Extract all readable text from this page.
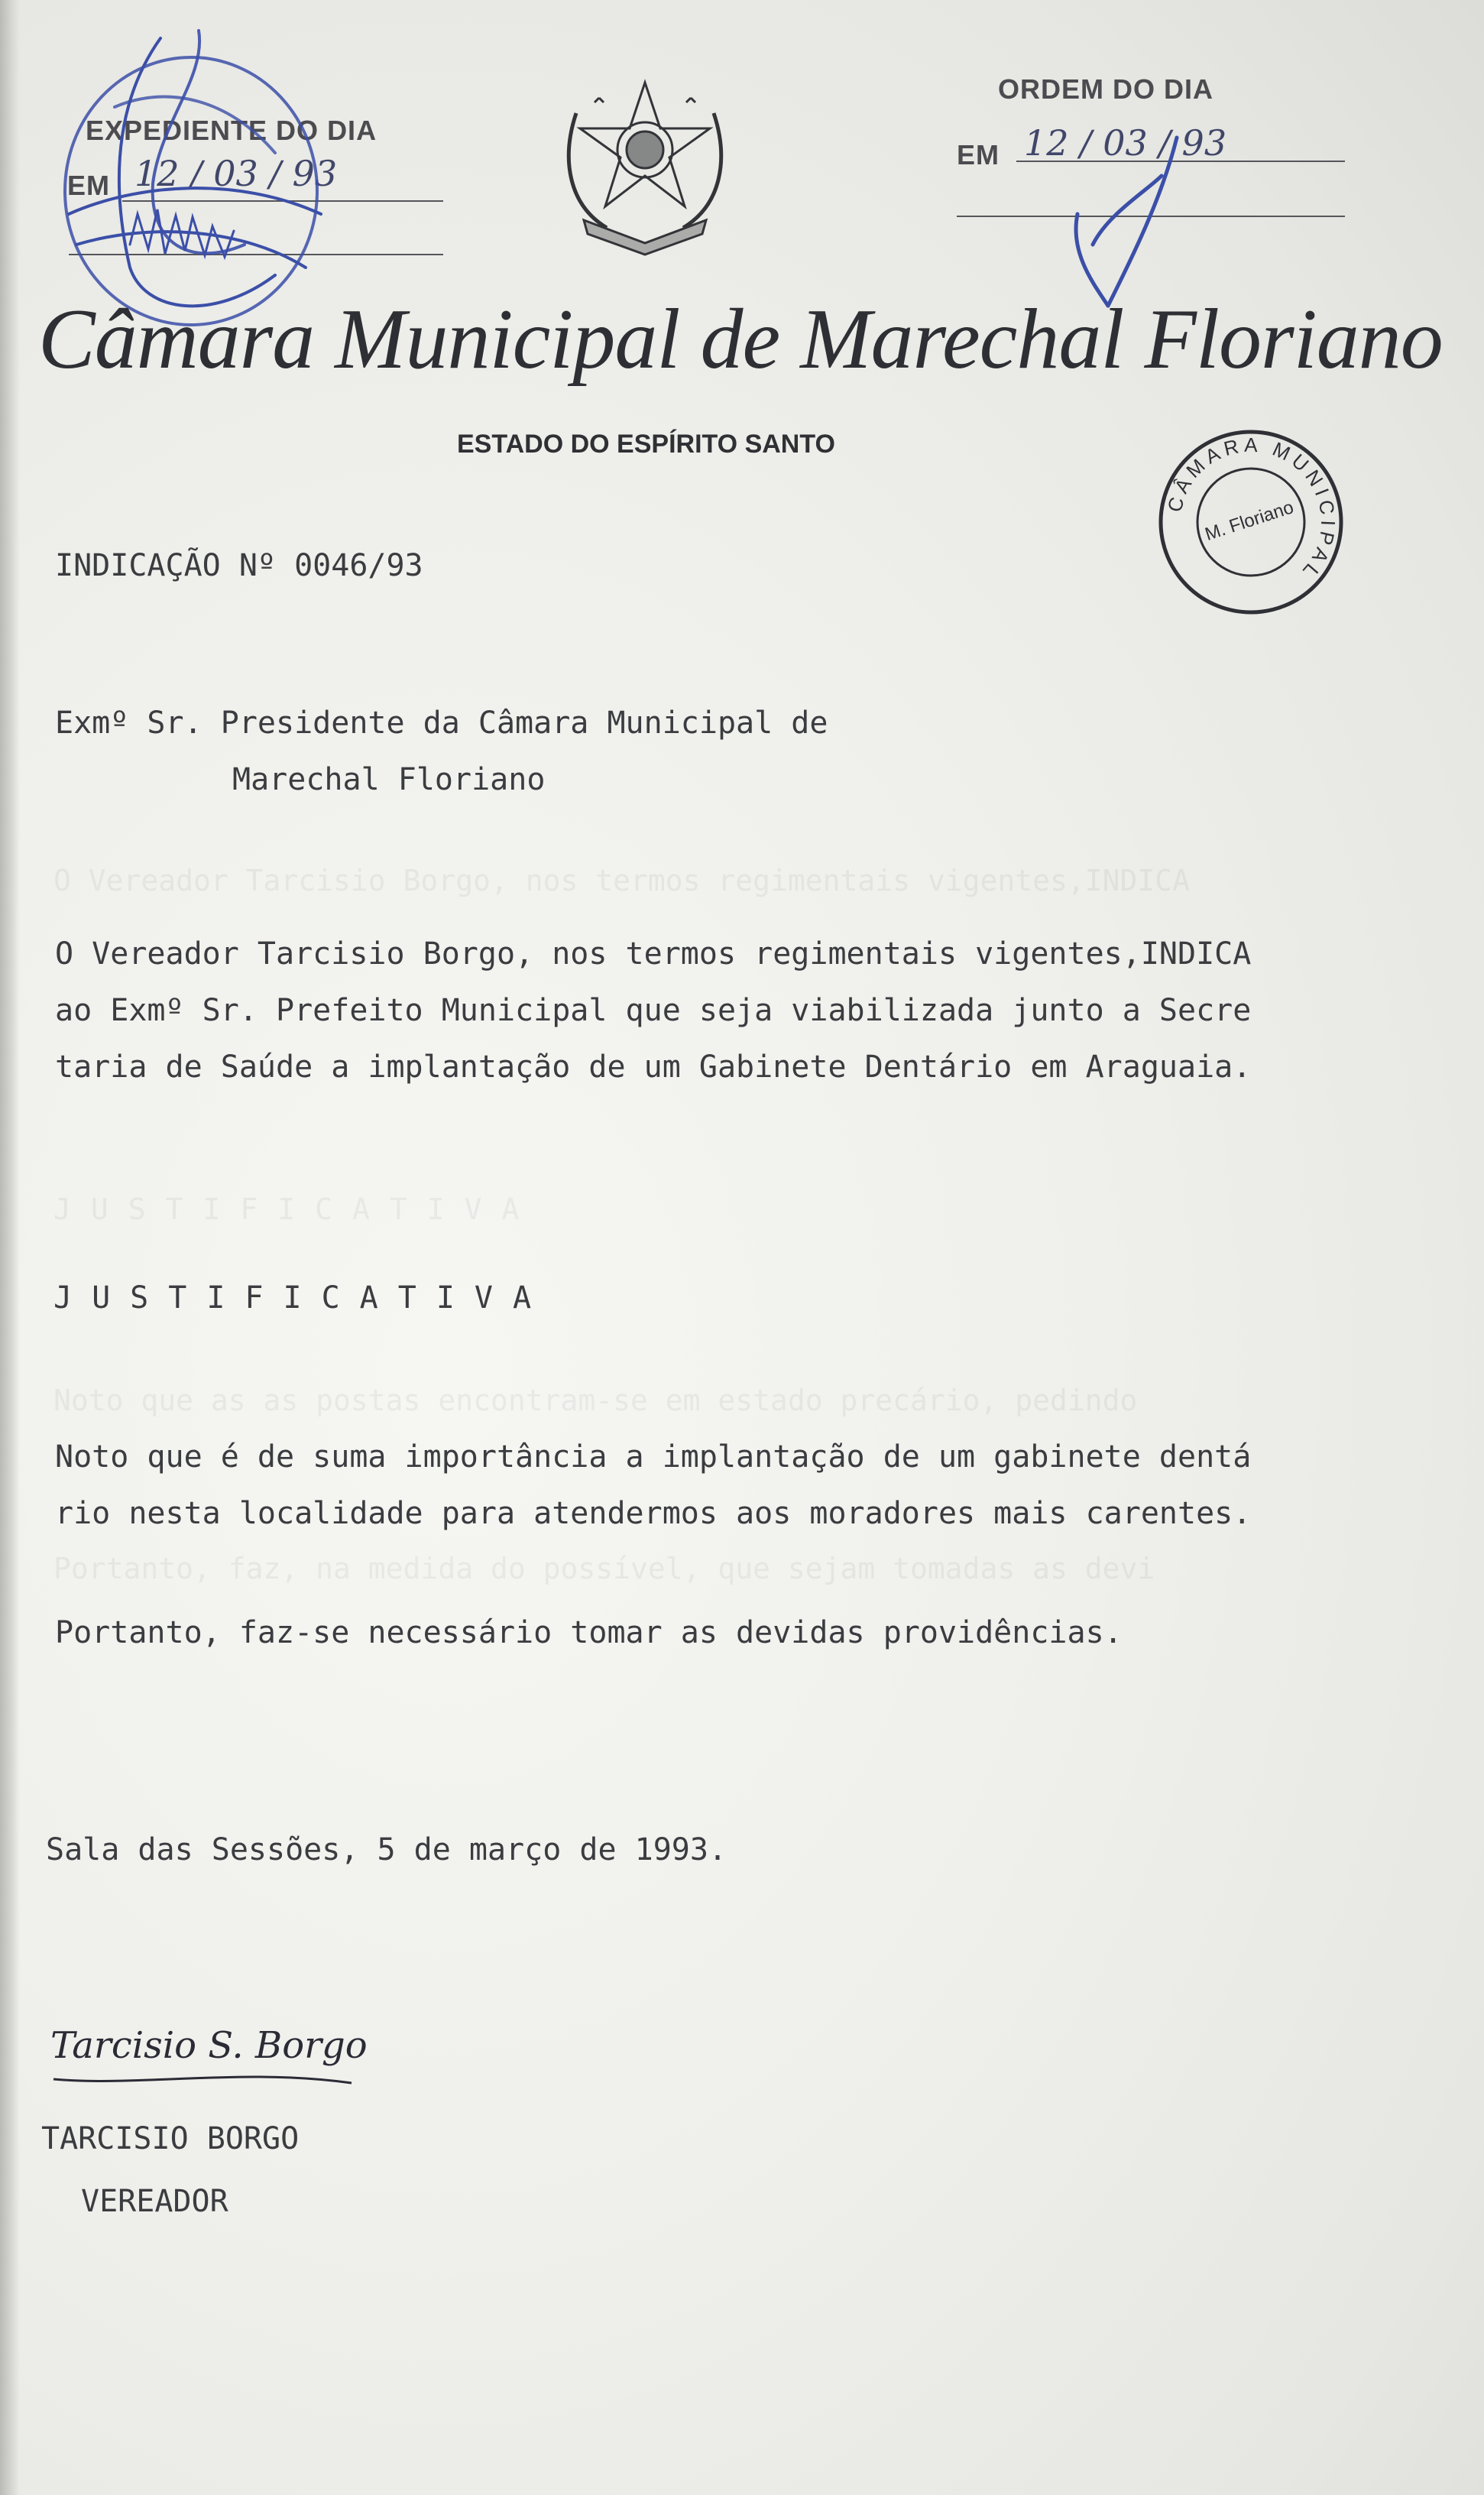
O Vereador Tarcisio Borgo, nos termos regimentais vigentes,INDICA
JUSTIFICATIVA
Noto que as as postas encontram-se em estado precário, pedindo
Portanto, faz, na medida do possível, que sejam tomadas as devi
EXPEDIENTE DO DIA
EM 12 / 03 / 93
ORDEM DO DIA
EM 12 / 03 / 93
Câmara Municipal de Marechal Floriano
ESTADO DO ESPÍRITO SANTO
CÂMARA MUNICIPAL
M. Floriano
INDICAÇÃO Nº 0046/93
Exmº Sr. Presidente da Câmara Municipal de
Marechal Floriano
O Vereador Tarcisio Borgo, nos termos regimentais vigentes,INDICA
ao Exmº Sr. Prefeito Municipal que seja viabilizada junto a Secre
taria de Saúde a implantação de um Gabinete Dentário em Araguaia.
JUSTIFICATIVA
Noto que é de suma importância a implantação de um gabinete dentá
rio nesta localidade para atendermos aos moradores mais carentes.
Portanto, faz-se necessário tomar as devidas providências.
Sala das Sessões, 5 de março de 1993.
Tarcisio S. Borgo
TARCISIO BORGO
VEREADOR
